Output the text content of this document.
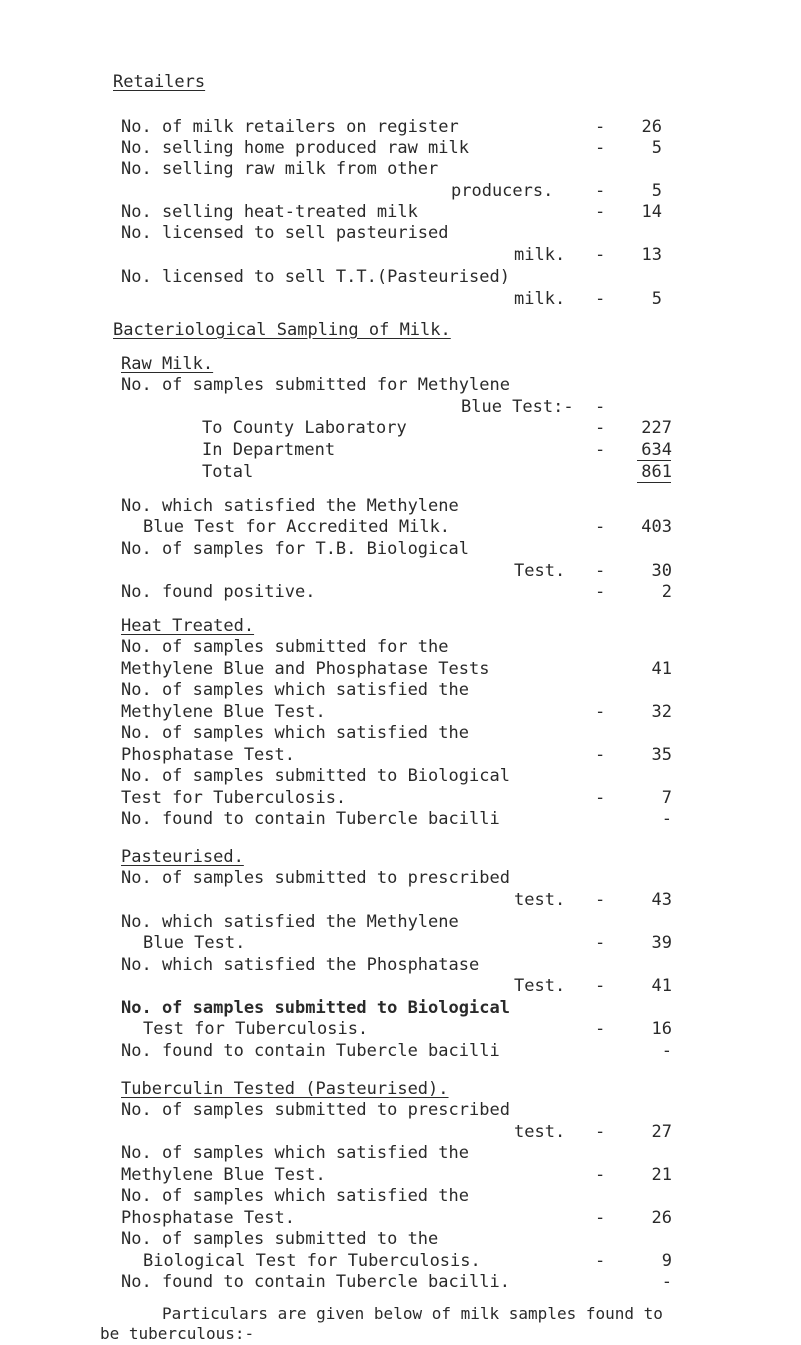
Retailers
No. of milk retailers on register	-	26
No. selling home produced raw milk	-	5
No. selling raw milk from other
producers. -	5
No. selling heat-treated milk	-	14
No. licensed to sell pasteurised
milk. -	13
No. licensed to sell T.T.(Pasteurised)
milk. -	5
Bacteriological Sampling of Milk.
Raw Milk.
No. of samples submitted for Methylene
Blue Test:- -
To County Laboratory	-	227
In Department	-	634
Total	861
No. which satisfied the Methylene
Blue Test for Accredited Milk.	-	403
No. of samples for T.B. Biological
Test. -	30
No. found positive.	-	2
Heat Treated.
No. of samples submitted for the
Methylene Blue and Phosphatase Tests	41
No. of samples which satisfied the
Methylene Blue Test.	-	32
No. of samples which satisfied the
Phosphatase Test.	-	35
No. of samples submitted to Biological
Test for Tuberculosis.	-	7
No. found to contain Tubercle bacilli	-
Pasteurised.
No. of samples submitted to prescribed
test. -	43
No. which satisfied the Methylene
Blue Test.	-	39
No. which satisfied the Phosphatase
Test. -	41
No. of samples submitted to Biological
Test for Tuberculosis.	-	16
No. found to contain Tubercle bacilli	-
Tuberculin Tested (Pasteurised).
No. of samples submitted to prescribed
test. -	27
No. of samples which satisfied the
Methylene Blue Test.	-	21
No. of samples which satisfied the
Phosphatase Test.	-	26
No. of samples submitted to the
Biological Test for Tuberculosis.	-	9
No. found to contain Tubercle bacilli.	-
Particulars are given below of milk samples found to
be tuberculous:-
